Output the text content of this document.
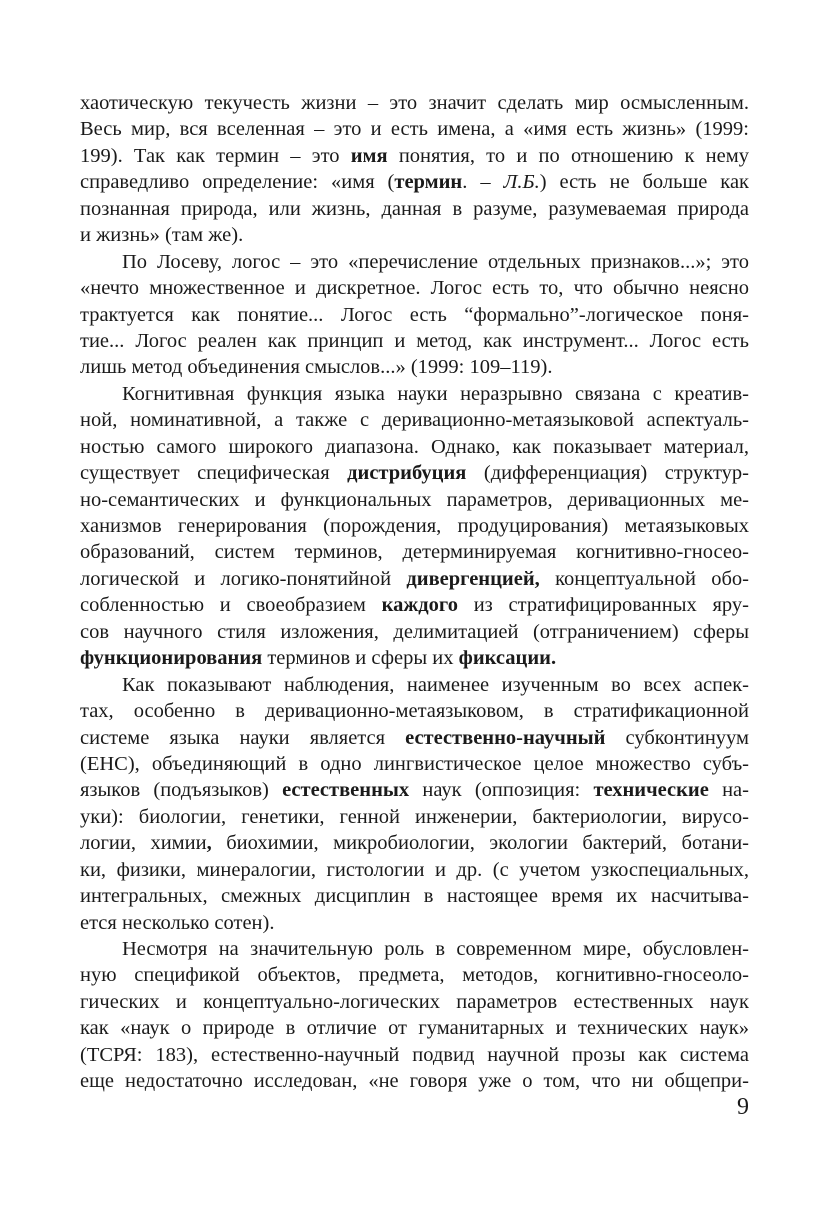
хаотическую текучесть жизни – это значит сделать мир осмысленным.
Весь мир, вся вселенная – это и есть имена, а «имя есть жизнь» (1999:
199). Так как термин – это имя понятия, то и по отношению к нему
справедливо определение: «имя (термин. – Л.Б.) есть не больше как
познанная природа, или жизнь, данная в разуме, разумеваемая природа
и жизнь» (там же).
По Лосеву, логос – это «перечисление отдельных признаков...»; это
«нечто множественное и дискретное. Логос есть то, что обычно неясно
трактуется как понятие... Логос есть “формально”-логическое поня-
тие... Логос реален как принцип и метод, как инструмент... Логос есть
лишь метод объединения смыслов...» (1999: 109–119).
Когнитивная функция языка науки неразрывно связана с креатив-
ной, номинативной, а также с деривационно-метаязыковой аспектуаль-
ностью самого широкого диапазона. Однако, как показывает материал,
существует специфическая дистрибуция (дифференциация) структур-
но-семантических и функциональных параметров, деривационных ме-
ханизмов генерирования (порождения, продуцирования) метаязыковых
образований, систем терминов, детерминируемая когнитивно-гносео-
логической и логико-понятийной дивергенцией, концептуальной обо-
собленностью и своеобразием каждого из стратифицированных яру-
сов научного стиля изложения, делимитацией (отграничением) сферы
функционирования терминов и сферы их фиксации.
Как показывают наблюдения, наименее изученным во всех аспек-
тах, особенно в деривационно-метаязыковом, в стратификационной
системе языка науки является естественно-научный субконтинуум
(ЕНС), объединяющий в одно лингвистическое целое множество субъ-
языков (подъязыков) естественных наук (оппозиция: технические на-
уки): биологии, генетики, генной инженерии, бактериологии, вирусо-
логии, химии, биохимии, микробиологии, экологии бактерий, ботани-
ки, физики, минералогии, гистологии и др. (с учетом узкоспециальных,
интегральных, смежных дисциплин в настоящее время их насчитыва-
ется несколько сотен).
Несмотря на значительную роль в современном мире, обусловлен-
ную спецификой объектов, предмета, методов, когнитивно-гносеоло-
гических и концептуально-логических параметров естественных наук
как «наук о природе в отличие от гуманитарных и технических наук»
(ТСРЯ: 183), естественно-научный подвид научной прозы как система
еще недостаточно исследован, «не говоря уже о том, что ни общепри-
9
